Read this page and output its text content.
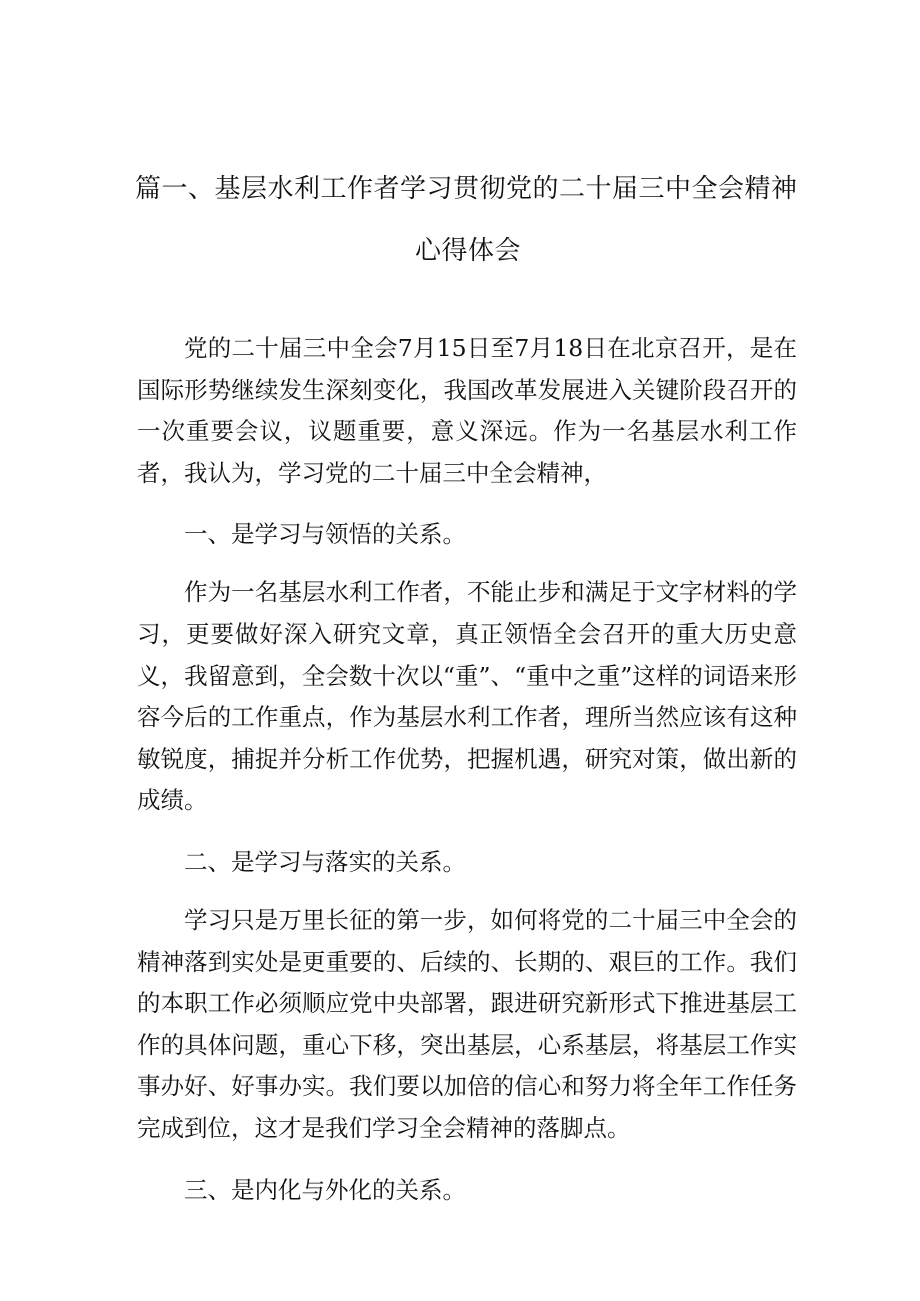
篇一、基层水利工作者学习贯彻党的二十届三中全会精神
心得体会

党的二十届三中全会7月15日至7月18日在北京召开，是在国际形势继续发生深刻变化，我国改革发展进入关键阶段召开的一次重要会议，议题重要，意义深远。作为一名基层水利工作者，我认为，学习党的二十届三中全会精神，

一、是学习与领悟的关系。

作为一名基层水利工作者，不能止步和满足于文字材料的学习，更要做好深入研究文章，真正领悟全会召开的重大历史意义，我留意到，全会数十次以“重”、“重中之重”这样的词语来形容今后的工作重点，作为基层水利工作者，理所当然应该有这种敏锐度，捕捉并分析工作优势，把握机遇，研究对策，做出新的成绩。

二、是学习与落实的关系。

学习只是万里长征的第一步，如何将党的二十届三中全会的精神落到实处是更重要的、后续的、长期的、艰巨的工作。我们的本职工作必须顺应党中央部署，跟进研究新形式下推进基层工作的具体问题，重心下移，突出基层，心系基层，将基层工作实事办好、好事办实。我们要以加倍的信心和努力将全年工作任务完成到位，这才是我们学习全会精神的落脚点。

三、是内化与外化的关系。
